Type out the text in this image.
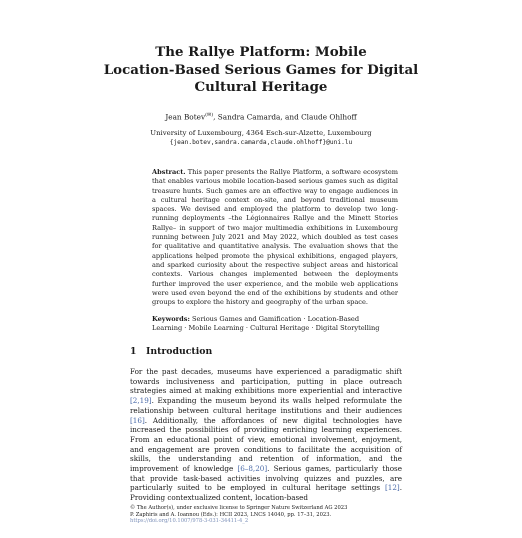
The Rallye Platform: Mobile
Location-Based Serious Games for Digital
Cultural Heritage
Jean Botev(✉), Sandra Camarda, and Claude Ohlhoff
University of Luxembourg, 4364 Esch-sur-Alzette, Luxembourg
{jean.botev,sandra.camarda,claude.ohlhoff}@uni.lu
Abstract. This paper presents the Rallye Platform, a software ecosystem that enables various mobile location-based serious games such as digital treasure hunts. Such games are an effective way to engage audiences in a cultural heritage context on-site, and beyond traditional museum spaces. We devised and employed the platform to develop two long-running deployments –the Légionnaires Rallye and the Minett Stories Rallye– in support of two major multimedia exhibitions in Luxembourg running between July 2021 and May 2022, which doubled as test cases for qualitative and quantitative analysis. The evaluation shows that the applications helped promote the physical exhibitions, engaged players, and sparked curiosity about the respective subject areas and historical contexts. Various changes implemented between the deployments further improved the user experience, and the mobile web applications were used even beyond the end of the exhibitions by students and other groups to explore the history and geography of the urban space.
Keywords: Serious Games and Gamification · Location-Based
Learning · Mobile Learning · Cultural Heritage · Digital Storytelling
1 Introduction
For the past decades, museums have experienced a paradigmatic shift towards inclusiveness and participation, putting in place outreach strategies aimed at making exhibitions more experiential and interactive [2,19]. Expanding the museum beyond its walls helped reformulate the relationship between cultural heritage institutions and their audiences [16]. Additionally, the affordances of new digital technologies have increased the possibilities of providing enriching learning experiences. From an educational point of view, emotional involvement, enjoyment, and engagement are proven conditions to facilitate the acquisition of skills, the understanding and retention of information, and the improvement of knowledge [6–8,20]. Serious games, particularly those that provide task-based activities involving quizzes and puzzles, are particularly suited to be employed in cultural heritage settings [12]. Providing contextualized content, location-based
© The Author(s), under exclusive license to Springer Nature Switzerland AG 2023
P. Zaphiris and A. Ioannou (Eds.): HCII 2023, LNCS 14040, pp. 17–31, 2023.
https://doi.org/10.1007/978-3-031-34411-4_2
